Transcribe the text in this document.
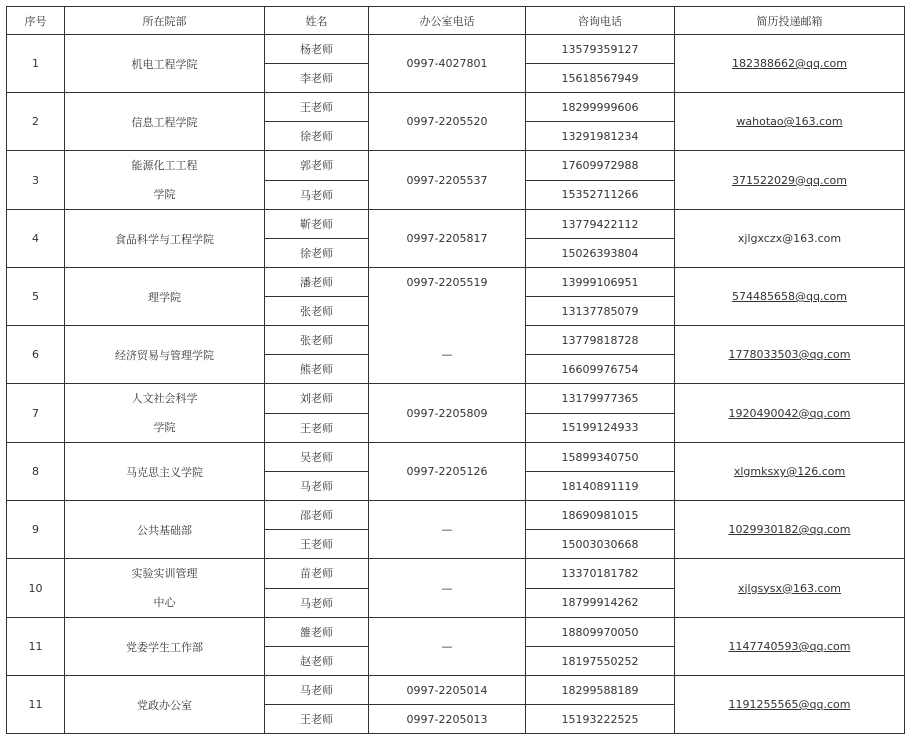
序号	所在院部	姓名	办公室电话	咨询电话	简历投递邮箱
1	机电工程学院	杨老师	0997-4027801	13579359127	182388662@qq.com
		李老师		15618567949	
2	信息工程学院	王老师	0997-2205520	18299999606	wahotao@163.com
		徐老师		13291981234	
3	能源化工工程
学院	郭老师	0997-2205537	17609972988	371522029@qq.com
		马老师		15352711266	
4	食品科学与工程学院	靳老师	0997-2205817	13779422112	xjlgxczx@163.com
		徐老师		15026393804	
5	理学院	潘老师	0997-2205519	13999106951	574485658@qq.com
		张老师		13137785079	
6	经济贸易与管理学院	张老师	—	13779818728	1778033503@qq.com
		熊老师		16609976754	
7	人文社会科学
学院	刘老师	0997-2205809	13179977365	1920490042@qq.com
		王老师		15199124933	
8	马克思主义学院	吴老师	0997-2205126	15899340750	xlgmksxy@126.com
		马老师		18140891119	
9	公共基础部	邵老师	—	18690981015	1029930182@qq.com
		王老师		15003030668	
10	实验实训管理
中心	苗老师	—	13370181782	xjlgsysx@163.com
		马老师		18799914262	
11	党委学生工作部	雒老师	—	18809970050	1147740593@qq.com
		赵老师		18197550252	
11	党政办公室	马老师	0997-2205014	18299588189	1191255565@qq.com
		王老师	0997-2205013	15193222525	
